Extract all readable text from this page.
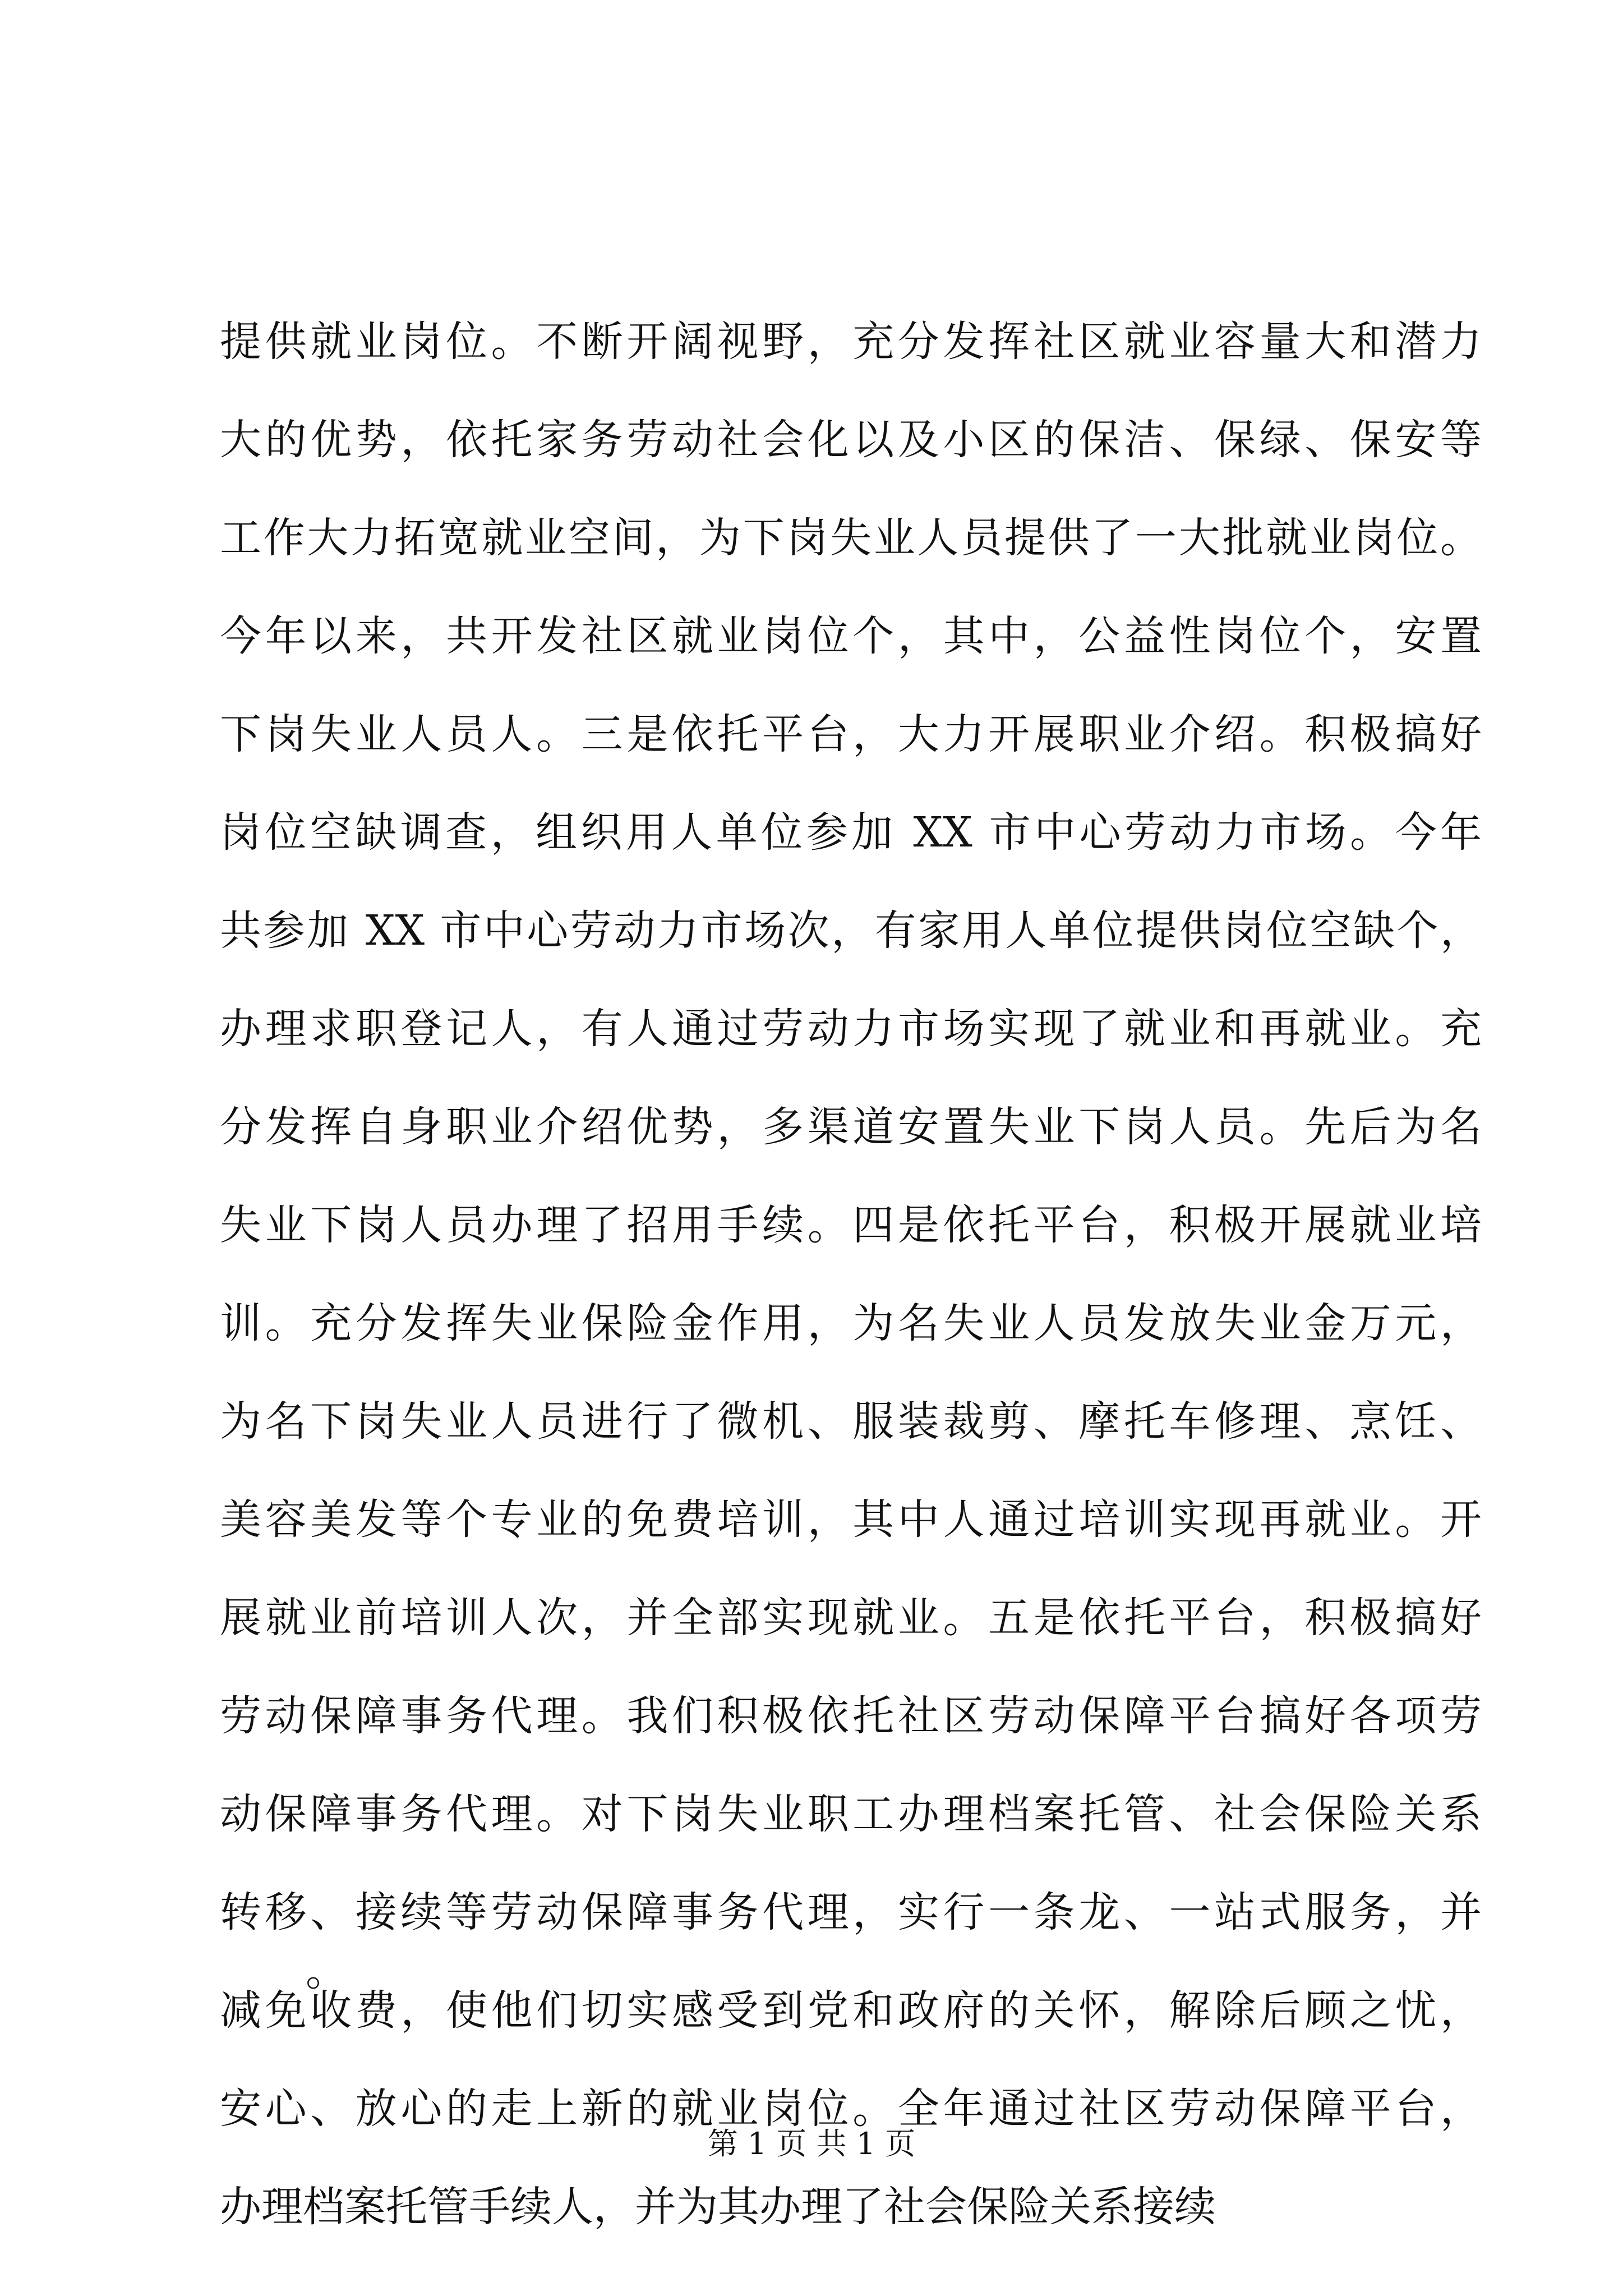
提供就业岗位。不断开阔视野，充分发挥社区就业容量大和潜力
大的优势，依托家务劳动社会化以及小区的保洁、保绿、保安等
工作大力拓宽就业空间，为下岗失业人员提供了一大批就业岗位。
今年以来，共开发社区就业岗位个，其中，公益性岗位个，安置
下岗失业人员人。三是依托平台，大力开展职业介绍。积极搞好
岗位空缺调查，组织用人单位参加 XX 市中心劳动力市场。今年
共参加 XX 市中心劳动力市场次，有家用人单位提供岗位空缺个，
办理求职登记人，有人通过劳动力市场实现了就业和再就业。充
分发挥自身职业介绍优势，多渠道安置失业下岗人员。先后为名
失业下岗人员办理了招用手续。四是依托平台，积极开展就业培
训。充分发挥失业保险金作用，为名失业人员发放失业金万元，
为名下岗失业人员进行了微机、服装裁剪、摩托车修理、烹饪、
美容美发等个专业的免费培训，其中人通过培训实现再就业。开
展就业前培训人次，并全部实现就业。五是依托平台，积极搞好
劳动保障事务代理。我们积极依托社区劳动保障平台搞好各项劳
动保障事务代理。对下岗失业职工办理档案托管、社会保险关系
转移、接续等劳动保障事务代理，实行一条龙、一站式服务，并
减免收费，使他们切实感受到党和政府的关怀，解除后顾之忧，
安心、放心的走上新的就业岗位。全年通过社区劳动保障平台，
办理档案托管手续人，并为其办理了社会保险关系接续
。
第 1 页 共 1 页
